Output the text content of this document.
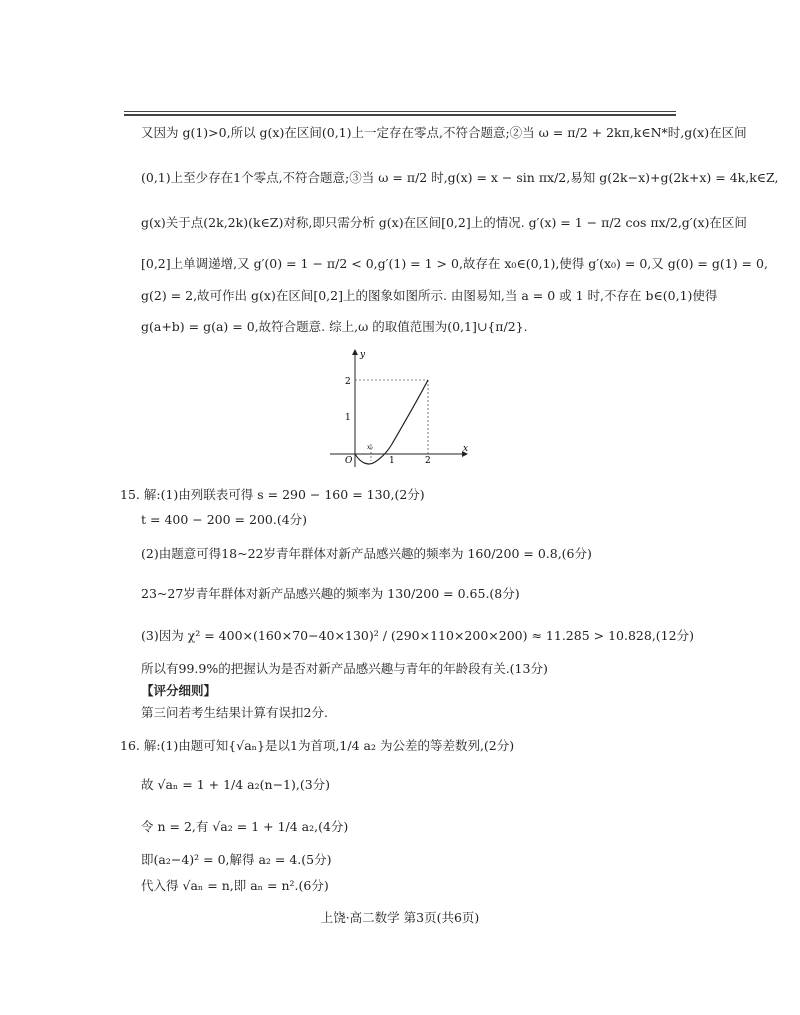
又因为 g(1)>0,所以 g(x)在区间(0,1)上一定存在零点,不符合题意;②当 ω = π/2 + 2kπ,k∈N*时,g(x)在区间
(0,1)上至少存在1个零点,不符合题意;③当 ω = π/2 时,g(x) = x − sin πx/2,易知 g(2k−x)+g(2k+x) = 4k,k∈Z,
g(x)关于点(2k,2k)(k∈Z)对称,即只需分析 g(x)在区间[0,2]上的情况. g′(x) = 1 − π/2 cos πx/2,g′(x)在区间
[0,2]上单调递增,又 g′(0) = 1 − π/2 < 0,g′(1) = 1 > 0,故存在 x₀∈(0,1),使得 g′(x₀) = 0,又 g(0) = g(1) = 0,
g(2) = 2,故可作出 g(x)在区间[0,2]上的图象如图所示. 由图易知,当 a = 0 或 1 时,不存在 b∈(0,1)使得
g(a+b) = g(a) = 0,故符合题意. 综上,ω 的取值范围为(0,1]∪{π/2}.
y
x
O
x₀
1	2
1
2
15. 解:(1)由列联表可得 s = 290 − 160 = 130,(2分)
t = 400 − 200 = 200.(4分)
(2)由题意可得18~22岁青年群体对新产品感兴趣的频率为 160/200 = 0.8,(6分)
23~27岁青年群体对新产品感兴趣的频率为 130/200 = 0.65.(8分)
(3)因为 χ² = 400×(160×70−40×130)² / (290×110×200×200) ≈ 11.285 > 10.828,(12分)
所以有99.9%的把握认为是否对新产品感兴趣与青年的年龄段有关.(13分)
【评分细则】
第三问若考生结果计算有误扣2分.
16. 解:(1)由题可知{√aₙ}是以1为首项,1/4 a₂ 为公差的等差数列,(2分)
故 √aₙ = 1 + 1/4 a₂(n−1),(3分)
令 n = 2,有 √a₂ = 1 + 1/4 a₂,(4分)
即(a₂−4)² = 0,解得 a₂ = 4.(5分)
代入得 √aₙ = n,即 aₙ = n².(6分)
上饶·高二数学 第3页(共6页)
